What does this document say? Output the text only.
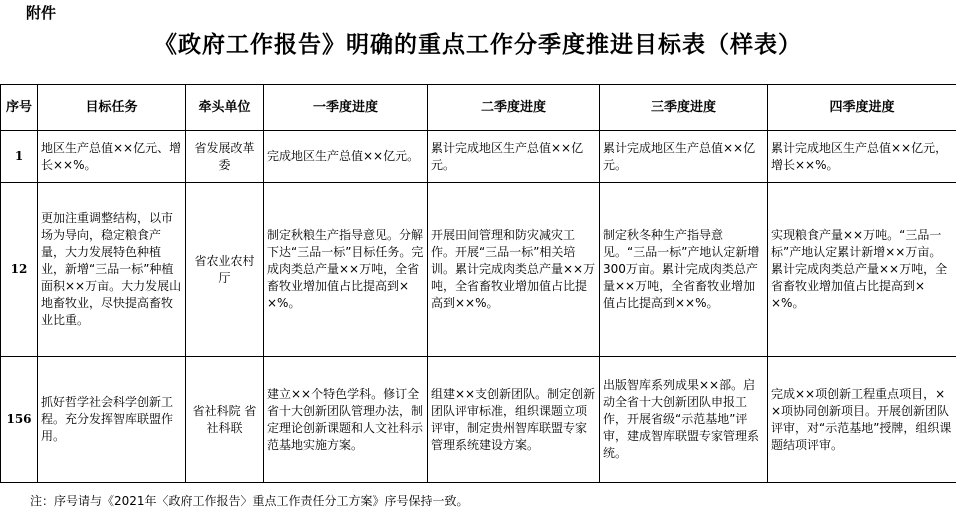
附件
《政府工作报告》明确的重点工作分季度推进目标表（样表）
序号	目标任务	牵头单位	一季度进度	二季度进度	三季度进度	四季度进度
1	地区生产总值××亿元、增长××%。	省发展改革委	完成地区生产总值××亿元。	累计完成地区生产总值××亿元。	累计完成地区生产总值××亿元。	累计完成地区生产总值××亿元，增长××%。
12	更加注重调整结构，以市场为导向，稳定粮食产量，大力发展特色种植业，新增“三品一标”种植面积××万亩。大力发展山地畜牧业，尽快提高畜牧业比重。	省农业农村厅	制定秋粮生产指导意见。分解下达“三品一标”目标任务。完成肉类总产量××万吨，全省畜牧业增加值占比提高到××%。	开展田间管理和防灾减灾工作。开展“三品一标”相关培训。累计完成肉类总产量××万吨，全省畜牧业增加值占比提高到××%。	制定秋冬种生产指导意见。“三品一标”产地认定新增300万亩。累计完成肉类总产量××万吨，全省畜牧业增加值占比提高到××%。	实现粮食产量××万吨。“三品一标”产地认定累计新增××万亩。累计完成肉类总产量××万吨，全省畜牧业增加值占比提高到××%。
156	抓好哲学社会科学创新工程。充分发挥智库联盟作用。	省社科院 省社科联	建立××个特色学科。修订全省十大创新团队管理办法，制定理论创新课题和人文社科示范基地实施方案。	组建××支创新团队。制定创新团队评审标准，组织课题立项评审，制定贵州智库联盟专家管理系统建设方案。	出版智库系列成果××部。启动全省十大创新团队申报工作，开展省级“示范基地”评审，建成智库联盟专家管理系统。	完成××项创新工程重点项目，××项协同创新项目。开展创新团队评审，对“示范基地”授牌，组织课题结项评审。
注：序号请与《2021年〈政府工作报告〉重点工作责任分工方案》序号保持一致。
